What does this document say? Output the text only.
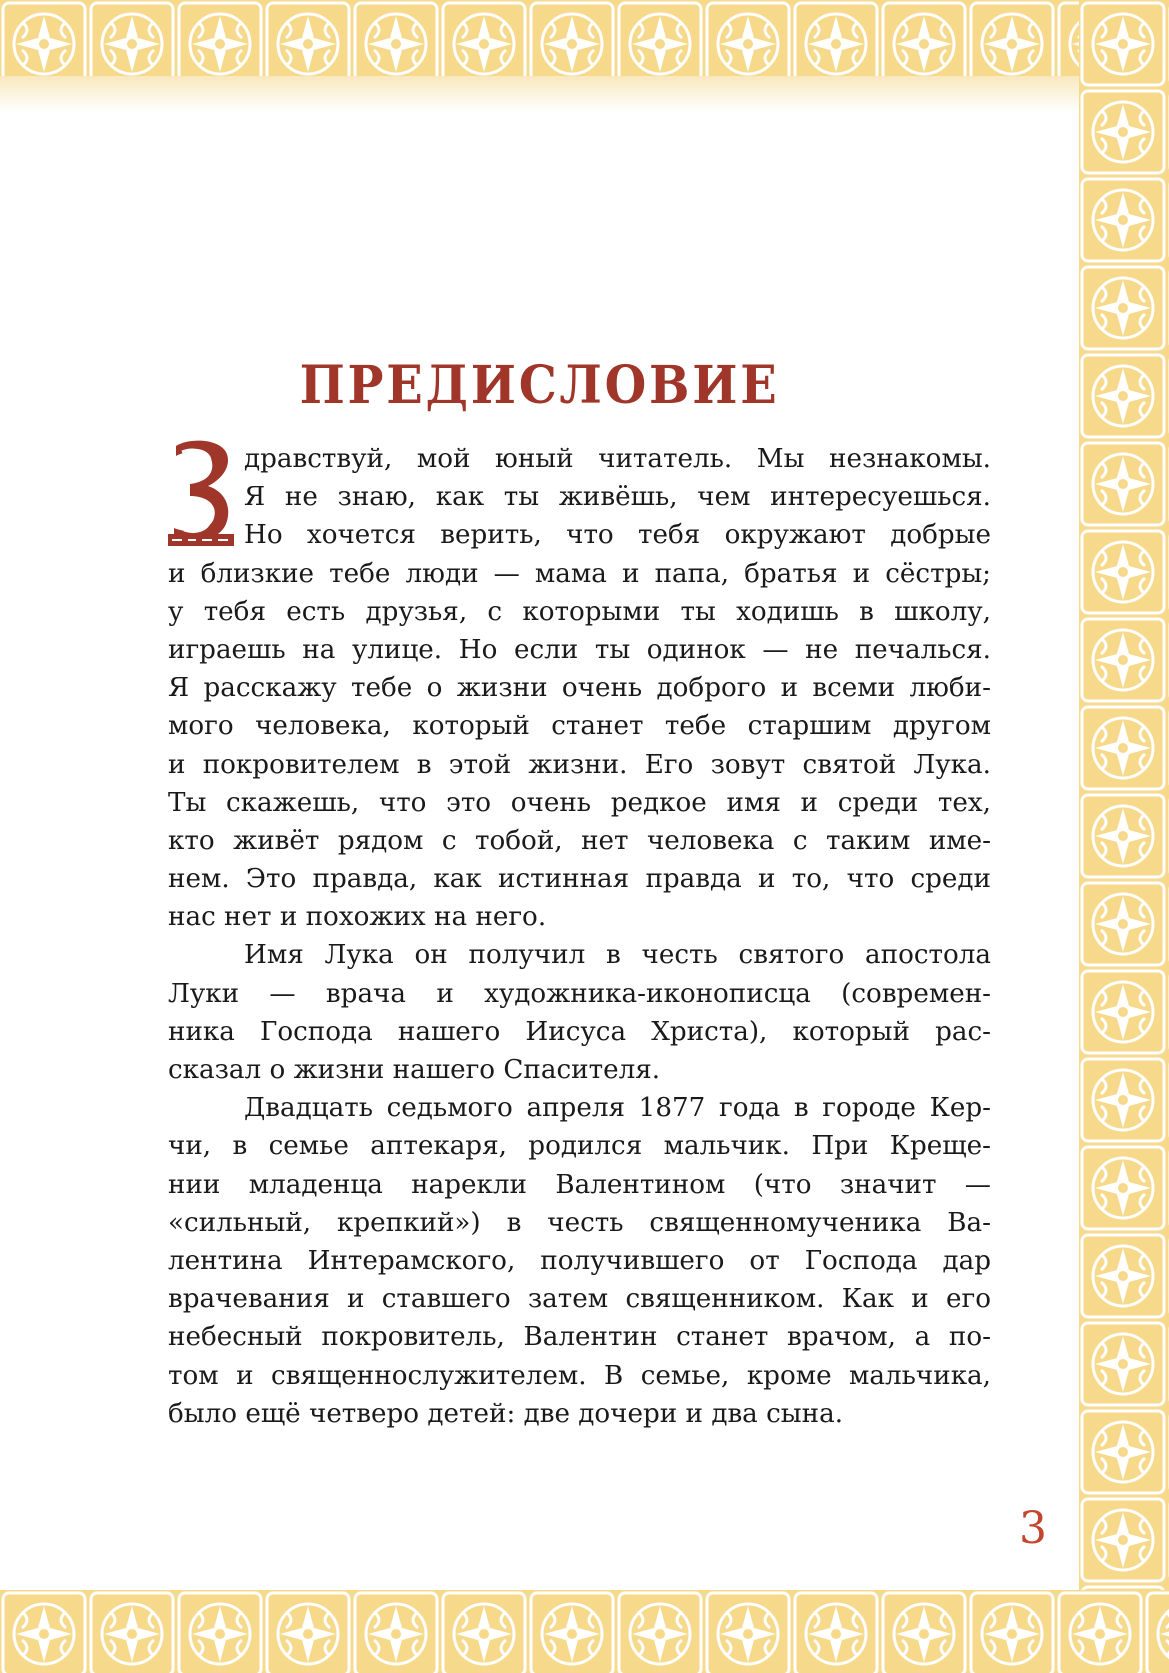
ПРЕДИСЛОВИЕ
дравствуй, мой юный читатель. Мы незнакомы.
Я не знаю, как ты живёшь, чем интересуешься.
Но хочется верить, что тебя окружают добрые
и близкие тебе люди — мама и папа, братья и сёстры;
у тебя есть друзья, с которыми ты ходишь в школу,
играешь на улице. Но если ты одинок — не печалься.
Я расскажу тебе о жизни очень доброго и всеми люби-
мого человека, который станет тебе старшим другом
и покровителем в этой жизни. Его зовут святой Лука.
Ты скажешь, что это очень редкое имя и среди тех,
кто живёт рядом с тобой, нет человека с таким име-
нем. Это правда, как истинная правда и то, что среди
нас нет и похожих на него.
Имя Лука он получил в честь святого апостола
Луки — врача и художника-иконописца (современ-
ника Господа нашего Иисуса Христа), который рас-
сказал о жизни нашего Спасителя.
Двадцать седьмого апреля 1877 года в городе Кер-
чи, в семье аптекаря, родился мальчик. При Креще-
нии младенца нарекли Валентином (что значит —
«сильный, крепкий») в честь священномученика Ва-
лентина Интерамского, получившего от Господа дар
врачевания и ставшего затем священником. Как и его
небесный покровитель, Валентин станет врачом, а по-
том и священнослужителем. В семье, кроме мальчика,
было ещё четверо детей: две дочери и два сына.

3
